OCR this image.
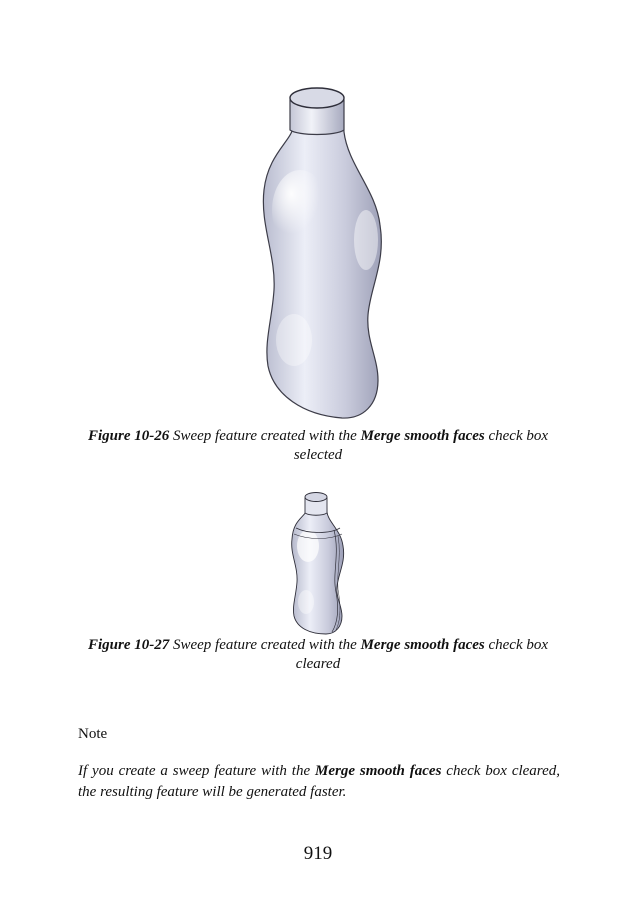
Figure 10-26 Sweep feature created with the Merge smooth faces check box selected
Figure 10-27 Sweep feature created with the Merge smooth faces check box cleared
Note
If you create a sweep feature with the Merge smooth faces check box cleared, the resulting feature will be generated faster.
919
